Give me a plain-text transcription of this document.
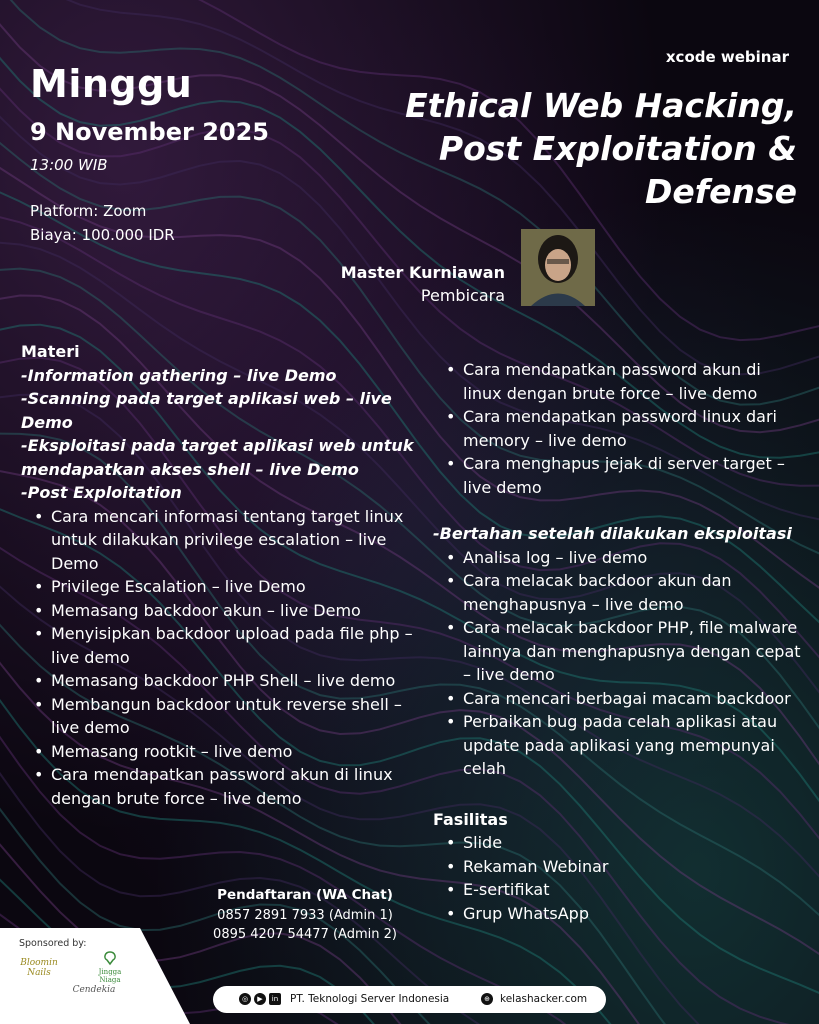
Minggu
9 November 2025
13:00 WIB
Platform: Zoom
Biaya: 100.000 IDR
xcode webinar
Ethical Web Hacking,
Post Exploitation &
Defense
Master Kurniawan
Pembicara
Materi
-Information gathering – live Demo
-Scanning pada target aplikasi web – live Demo
-Eksploitasi pada target aplikasi web untuk mendapatkan akses shell – live Demo
-Post Exploitation
• Cara mencari informasi tentang target linux untuk dilakukan privilege escalation – live Demo
• Privilege Escalation – live Demo
• Memasang backdoor akun – live Demo
• Menyisipkan backdoor upload pada file php – live demo
• Memasang backdoor PHP Shell – live demo
• Membangun backdoor untuk reverse shell – live demo
• Memasang rootkit – live demo
• Cara mendapatkan password akun di linux dengan brute force – live demo
• Cara mendapatkan password akun di linux dengan brute force – live demo
• Cara mendapatkan password linux dari memory – live demo
• Cara menghapus jejak di server target – live demo
-Bertahan setelah dilakukan eksploitasi
• Analisa log – live demo
• Cara melacak backdoor akun dan menghapusnya – live demo
• Cara melacak backdoor PHP, file malware lainnya dan menghapusnya dengan cepat – live demo
• Cara mencari berbagai macam backdoor
• Perbaikan bug pada celah aplikasi atau update pada aplikasi yang mempunyai celah
Fasilitas
• Slide
• Rekaman Webinar
• E-sertifikat
• Grup WhatsApp
Pendaftaran (WA Chat)
0857 2891 7933 (Admin 1)
0895 4207 54477 (Admin 2)
Sponsored by:
Bloomin Nails	Jingga Niaga
Cendekia
◎	▶	in PT. Teknologi Server Indonesia	⊕ kelashacker.com
